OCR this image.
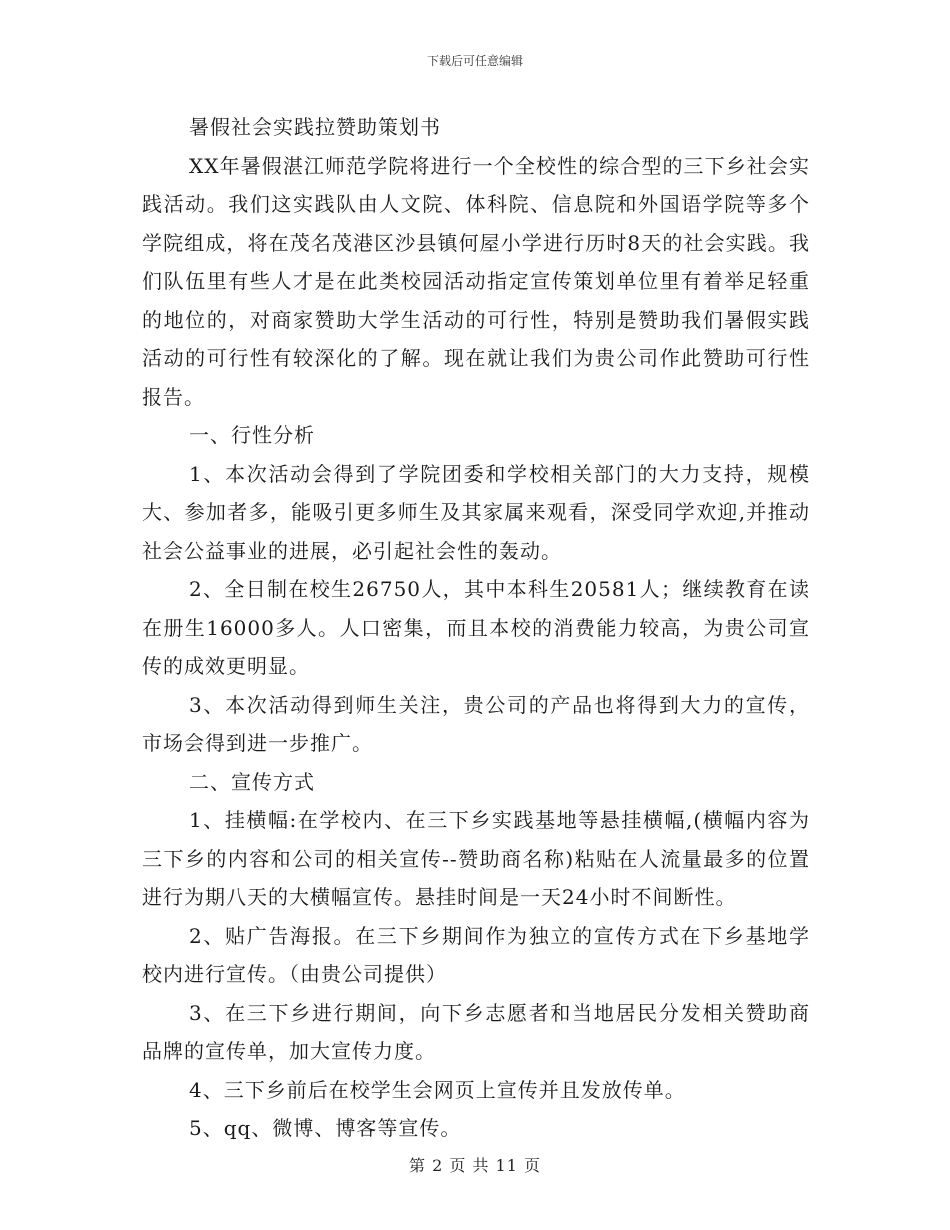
下载后可任意编辑

暑假社会实践拉赞助策划书

XX年暑假湛江师范学院将进行一个全校性的综合型的三下乡社会实践活动。我们这实践队由人文院、体科院、信息院和外国语学院等多个学院组成，将在茂名茂港区沙县镇何屋小学进行历时8天的社会实践。我们队伍里有些人才是在此类校园活动指定宣传策划单位里有着举足轻重的地位的，对商家赞助大学生活动的可行性，特别是赞助我们暑假实践活动的可行性有较深化的了解。现在就让我们为贵公司作此赞助可行性报告。

一、行性分析

1、本次活动会得到了学院团委和学校相关部门的大力支持，规模大、参加者多，能吸引更多师生及其家属来观看，深受同学欢迎,并推动社会公益事业的进展，必引起社会性的轰动。

2、全日制在校生26750人，其中本科生20581人；继续教育在读在册生16000多人。人口密集，而且本校的消费能力较高，为贵公司宣传的成效更明显。

3、本次活动得到师生关注，贵公司的产品也将得到大力的宣传，市场会得到进一步推广。

二、宣传方式

1、挂横幅:在学校内、在三下乡实践基地等悬挂横幅,(横幅内容为三下乡的内容和公司的相关宣传--赞助商名称)粘贴在人流量最多的位置进行为期八天的大横幅宣传。悬挂时间是一天24小时不间断性。

2、贴广告海报。在三下乡期间作为独立的宣传方式在下乡基地学校内进行宣传。（由贵公司提供）

3、在三下乡进行期间，向下乡志愿者和当地居民分发相关赞助商品牌的宣传单，加大宣传力度。

4、三下乡前后在校学生会网页上宣传并且发放传单。

5、qq、微博、博客等宣传。

第 2 页 共 11 页
